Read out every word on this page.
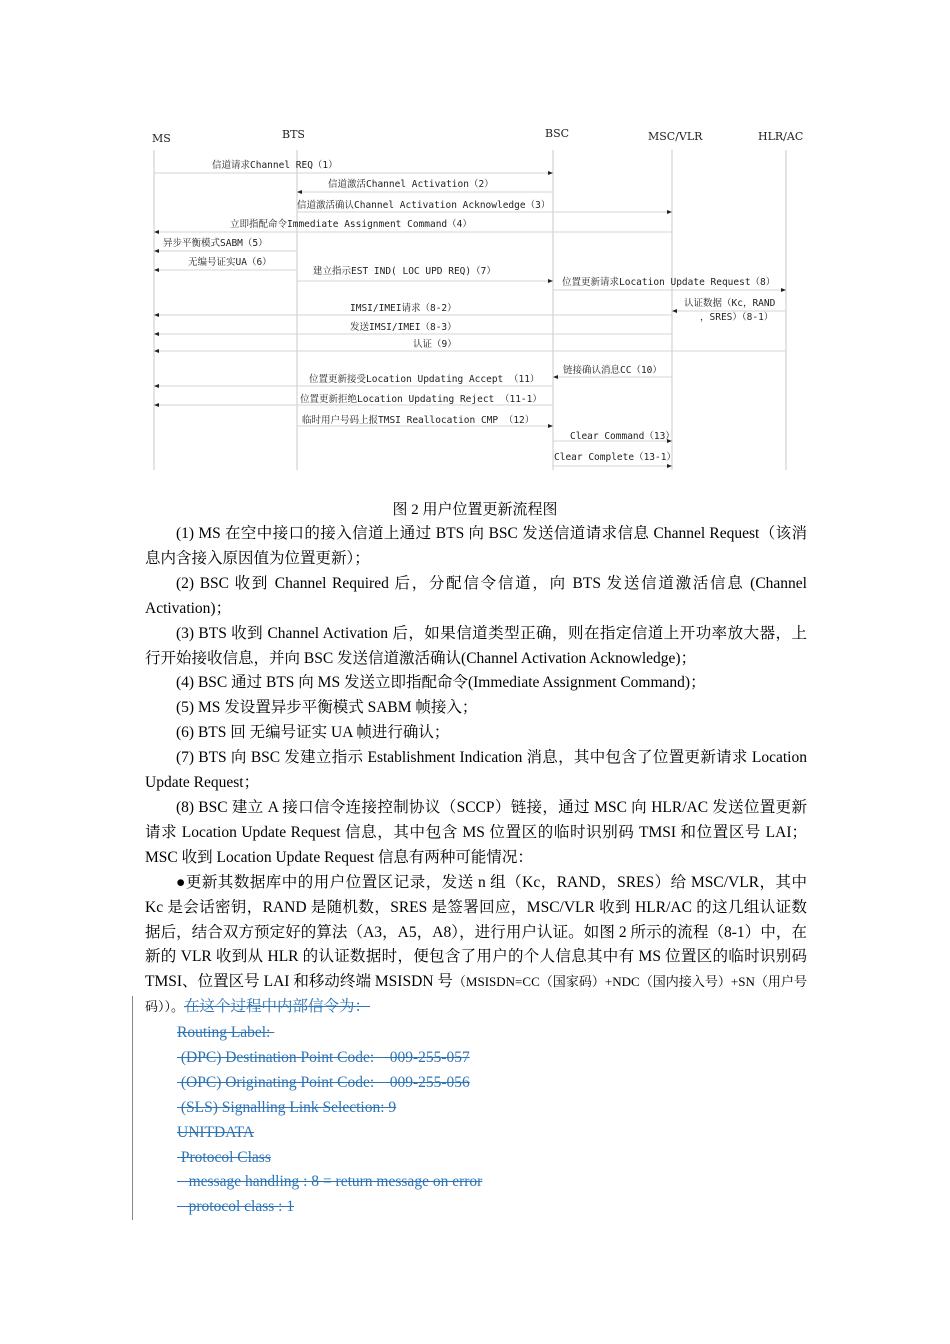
MS	BTS	BSC	MSC/VLR	HLR/AC
信道请求Channel REQ（1）
信道激活Channel Activation（2）
信道激活确认Channel Activation Acknowledge（3）
立即指配命令Immediate Assignment Command（4）
异步平衡模式SABM（5）
无编号证实UA（6）
建立指示EST IND( LOC UPD REQ)（7）
位置更新请求Location Update Request（8）
认证数据（Kc，RAND
，SRES）（8-1）
IMSI/IMEI请求（8-2）
发送IMSI/IMEI（8-3）
认证（9）
链接确认消息CC（10）
位置更新接受Location Updating Accept （11）
位置更新拒绝Location Updating Reject （11-1）
临时用户号码上报TMSI Reallocation CMP （12）
Clear Command（13）
Clear Complete（13-1）
图 2 用户位置更新流程图

(1) MS 在空中接口的接入信道上通过 BTS 向 BSC 发送信道请求信息 Channel Request（该消息内含接入原因值为位置更新）；

(2) BSC 收到 Channel Required 后，分配信令信道，向 BTS 发送信道激活信息 (Channel Activation)；

(3) BTS 收到 Channel Activation 后，如果信道类型正确，则在指定信道上开功率放大器，上行开始接收信息，并向 BSC 发送信道激活确认(Channel Activation Acknowledge)；

(4) BSC 通过 BTS 向 MS 发送立即指配命令(Immediate Assignment Command)；

(5) MS 发设置异步平衡模式 SABM 帧接入；

(6) BTS 回 无编号证实 UA 帧进行确认；

(7) BTS 向 BSC 发建立指示 Establishment Indication 消息，其中包含了位置更新请求 Location Update Request；

(8) BSC 建立 A 接口信令连接控制协议（SCCP）链接，通过 MSC 向 HLR/AC 发送位置更新请求 Location Update Request 信息，其中包含 MS 位置区的临时识别码 TMSI 和位置区号 LAI；MSC 收到 Location Update Request 信息有两种可能情况：

●更新其数据库中的用户位置区记录，发送 n 组（Kc，RAND，SRES）给 MSC/VLR，其中 Kc 是会话密钥，RAND 是随机数，SRES 是签署回应，MSC/VLR 收到 HLR/AC 的这几组认证数据后，结合双方预定好的算法（A3，A5，A8），进行用户认证。如图 2 所示的流程（8-1）中，在新的 VLR 收到从 HLR 的认证数据时，便包含了用户的个人信息其中有 MS 位置区的临时识别码 TMSI、位置区号 LAI 和移动终端 MSISDN 号（MSISDN=CC（国家码）+NDC（国内接入号）+SN（用户号码））。在这个过程中内部信令为：

Routing Label:
(DPC) Destination Point Code:    009-255-057
(OPC) Originating Point Code:    009-255-056
(SLS) Signalling Link Selection: 9
UNITDATA
Protocol Class
message handling : 8 = return message on error
protocol class : 1
